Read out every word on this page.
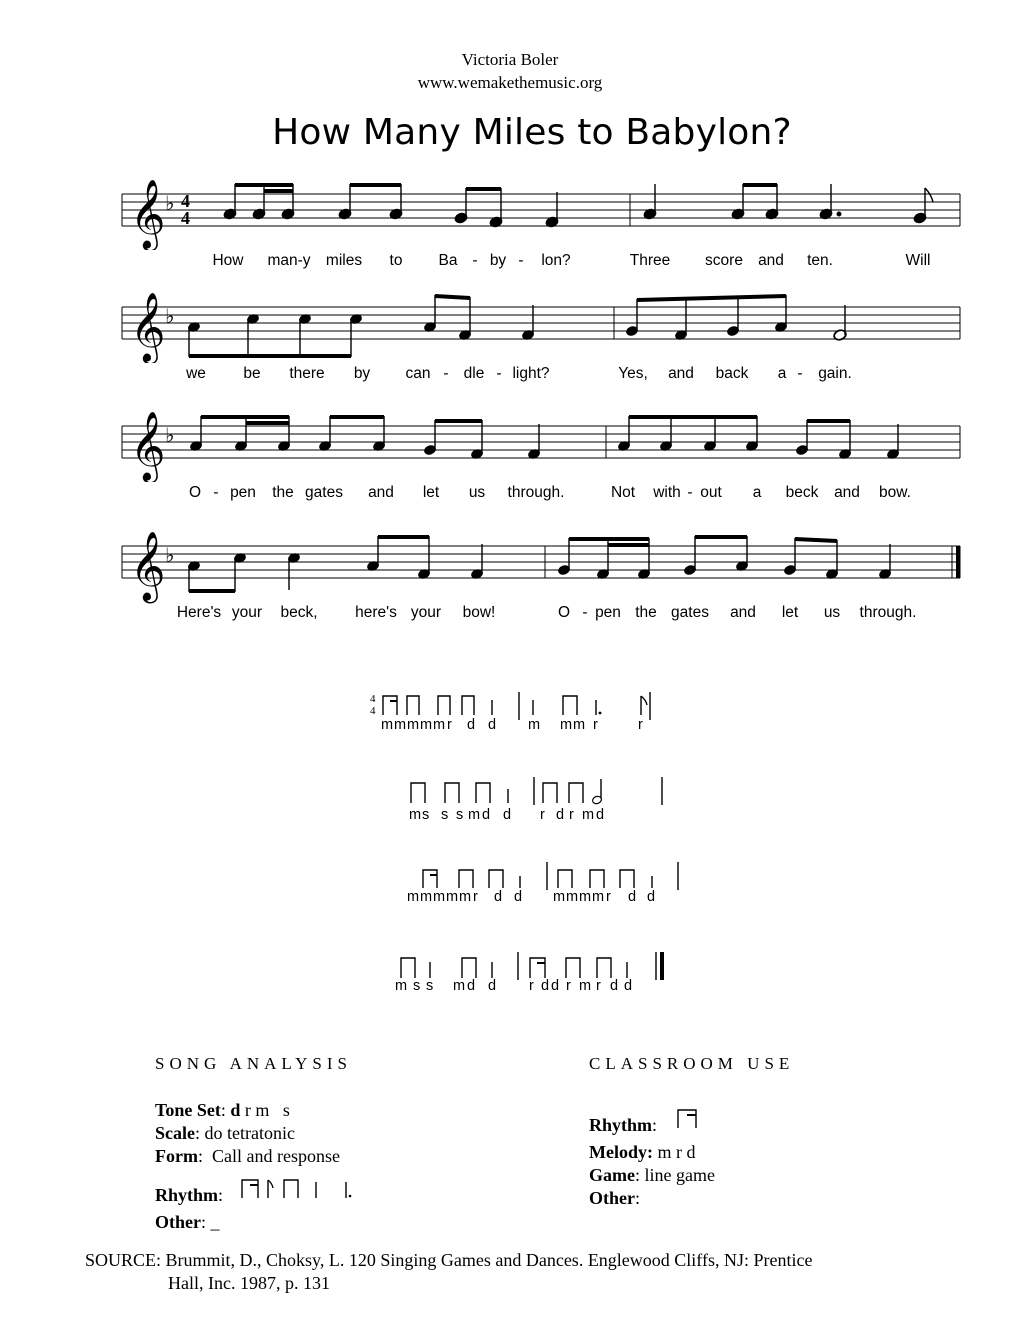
Victoria Boler
www.wemakethemusic.org
How Many Miles to Babylon?
𝄞 ♭ 4
4
How man-y miles to Ba - by - lon?	Three score and ten.	Will
𝄞 ♭
we be there by can - dle - light?	Yes, and back a - gain.
𝄞 ♭
O - pen the gates and let us through.	Not with - out a beck and bow.
𝄞 ♭
Here's your beck, here's your bow!	O - pen the gates and let us through.
4
4
m m m m m r d d m m m r	r
m s s s m d d r d r m d
m m m m m r d d m m m m r d d
m s s m d d r d d r m r d d
SONG ANALYSIS
Tone Set: d r m   s
Scale: do tetratonic
Form:  Call and response
Rhythm:
Other: _
CLASSROOM USE
Rhythm:
Melody: m r d
Game: line game
Other:
SOURCE: Brummit, D., Choksy, L. 120 Singing Games and Dances. Englewood Cliffs, NJ: Prentice
Hall, Inc. 1987, p. 131
